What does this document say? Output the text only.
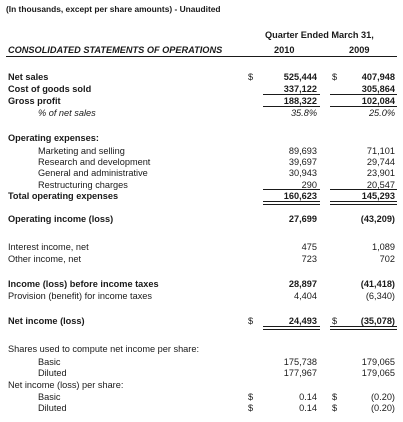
(In thousands, except per share amounts) - Unaudited
Quarter Ended March 31,
CONSOLIDATED STATEMENTS OF OPERATIONS	2010	2009
Net sales	$	525,444 $	407,948
Cost of goods sold	337,122	305,864
Gross profit	188,322	102,084
% of net sales	35.8%	25.0%
Operating expenses:
Marketing and selling	89,693	71,101
Research and development	39,697	29,744
General and administrative	30,943	23,901
Restructuring charges	290	20,547
Total operating expenses	160,623	145,293
Operating income (loss)	27,699	(43,209)
Interest income, net	475	1,089
Other income, net	723	702
Income (loss) before income taxes	28,897	(41,418)
Provision (benefit) for income taxes	4,404	(6,340)
Net income (loss)	$	24,493 $	(35,078)
Shares used to compute net income per share:
Basic	175,738	179,065
Diluted	177,967	179,065
Net income (loss) per share:
Basic	$	0.14 $	(0.20)
Diluted	$	0.14 $	(0.20)
